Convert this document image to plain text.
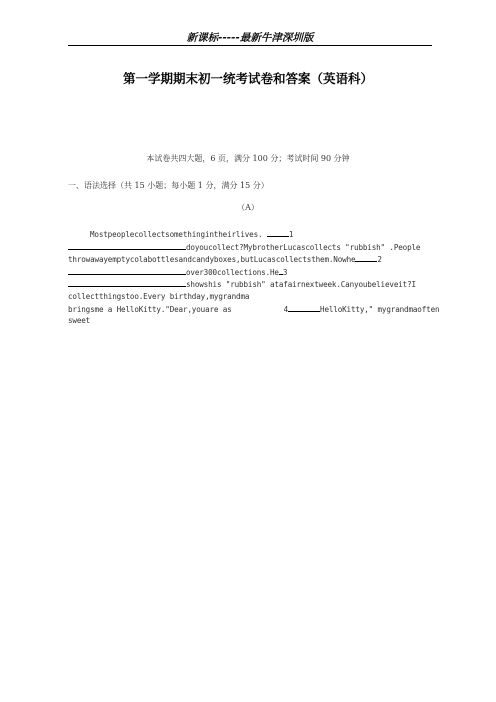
新课标-----最新牛津深圳版
第一学期期末初一统考试卷和答案（英语科）
本试卷共四大题，6 页，满分 100 分；考试时间 90 分钟
一、语法选择（共 15 小题；每小题 1 分，满分 15 分）
（A）
Mostpeoplecollectsomethingintheirlives.	1
doyoucollect?MybrotherLucascollects "rubbish" .People
throwawayemptycolabottlesandcandyboxes,butLucascollectsthem.Nowhe	2
over300collections.He 3
showshis "rubbish" atafairnextweek.Canyoubelieveit?I
collectthingstoo.Every birthday,mygrandma
bringsme a HelloKitty."Dear,youare as	4	HelloKitty," mygrandmaoften
sweet
